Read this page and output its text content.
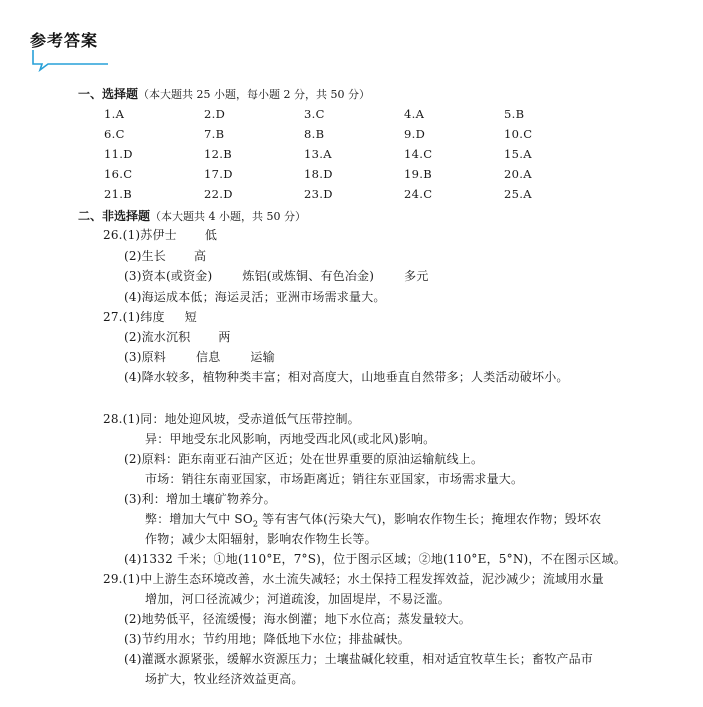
参考答案
一、选择题（本大题共 25 小题，每小题 2 分，共 50 分）
1.A	2.D	3.C	4.A	5.B
6.C	7.B	8.B	9.D	10.C
11.D	12.B	13.A	14.C	15.A
16.C	17.D	18.D	19.B	20.A
21.B	22.D	23.D	24.C	25.A
二、非选择题（本大题共 4 小题，共 50 分）
26.(1)苏伊士 低
(2)生长 高
(3)资本(或资金)	炼铝(或炼铜、有色冶金)	多元
(4)海运成本低；海运灵活；亚洲市场需求量大。
27.(1)纬度 短
(2)流水沉积 两
(3)原料	信息	运输
(4)降水较多，植物种类丰富；相对高度大，山地垂直自然带多；人类活动破坏小。
28.(1)同：地处迎风坡，受赤道低气压带控制。
异：甲地受东北风影响，丙地受西北风(或北风)影响。
(2)原料：距东南亚石油产区近；处在世界重要的原油运输航线上。
市场：销往东南亚国家，市场距离近；销往东亚国家，市场需求量大。
(3)利：增加土壤矿物养分。
弊：增加大气中 $SO_2$ 等有害气体(污染大气)，影响农作物生长；掩埋农作物；毁坏农
作物；减少太阳辐射，影响农作物生长等。
(4)1332 千米；①地(110°E，7°S)，位于图示区域；②地(110°E，5°N)，不在图示区域。
29.(1)中上游生态环境改善，水土流失减轻；水土保持工程发挥效益，泥沙减少；流域用水量
增加，河口径流减少；河道疏浚，加固堤岸，不易泛滥。
(2)地势低平，径流缓慢；海水倒灌；地下水位高；蒸发量较大。
(3)节约用水；节约用地；降低地下水位；排盐碱快。
(4)灌溉水源紧张，缓解水资源压力；土壤盐碱化较重，相对适宜牧草生长；畜牧产品市
场扩大，牧业经济效益更高。
